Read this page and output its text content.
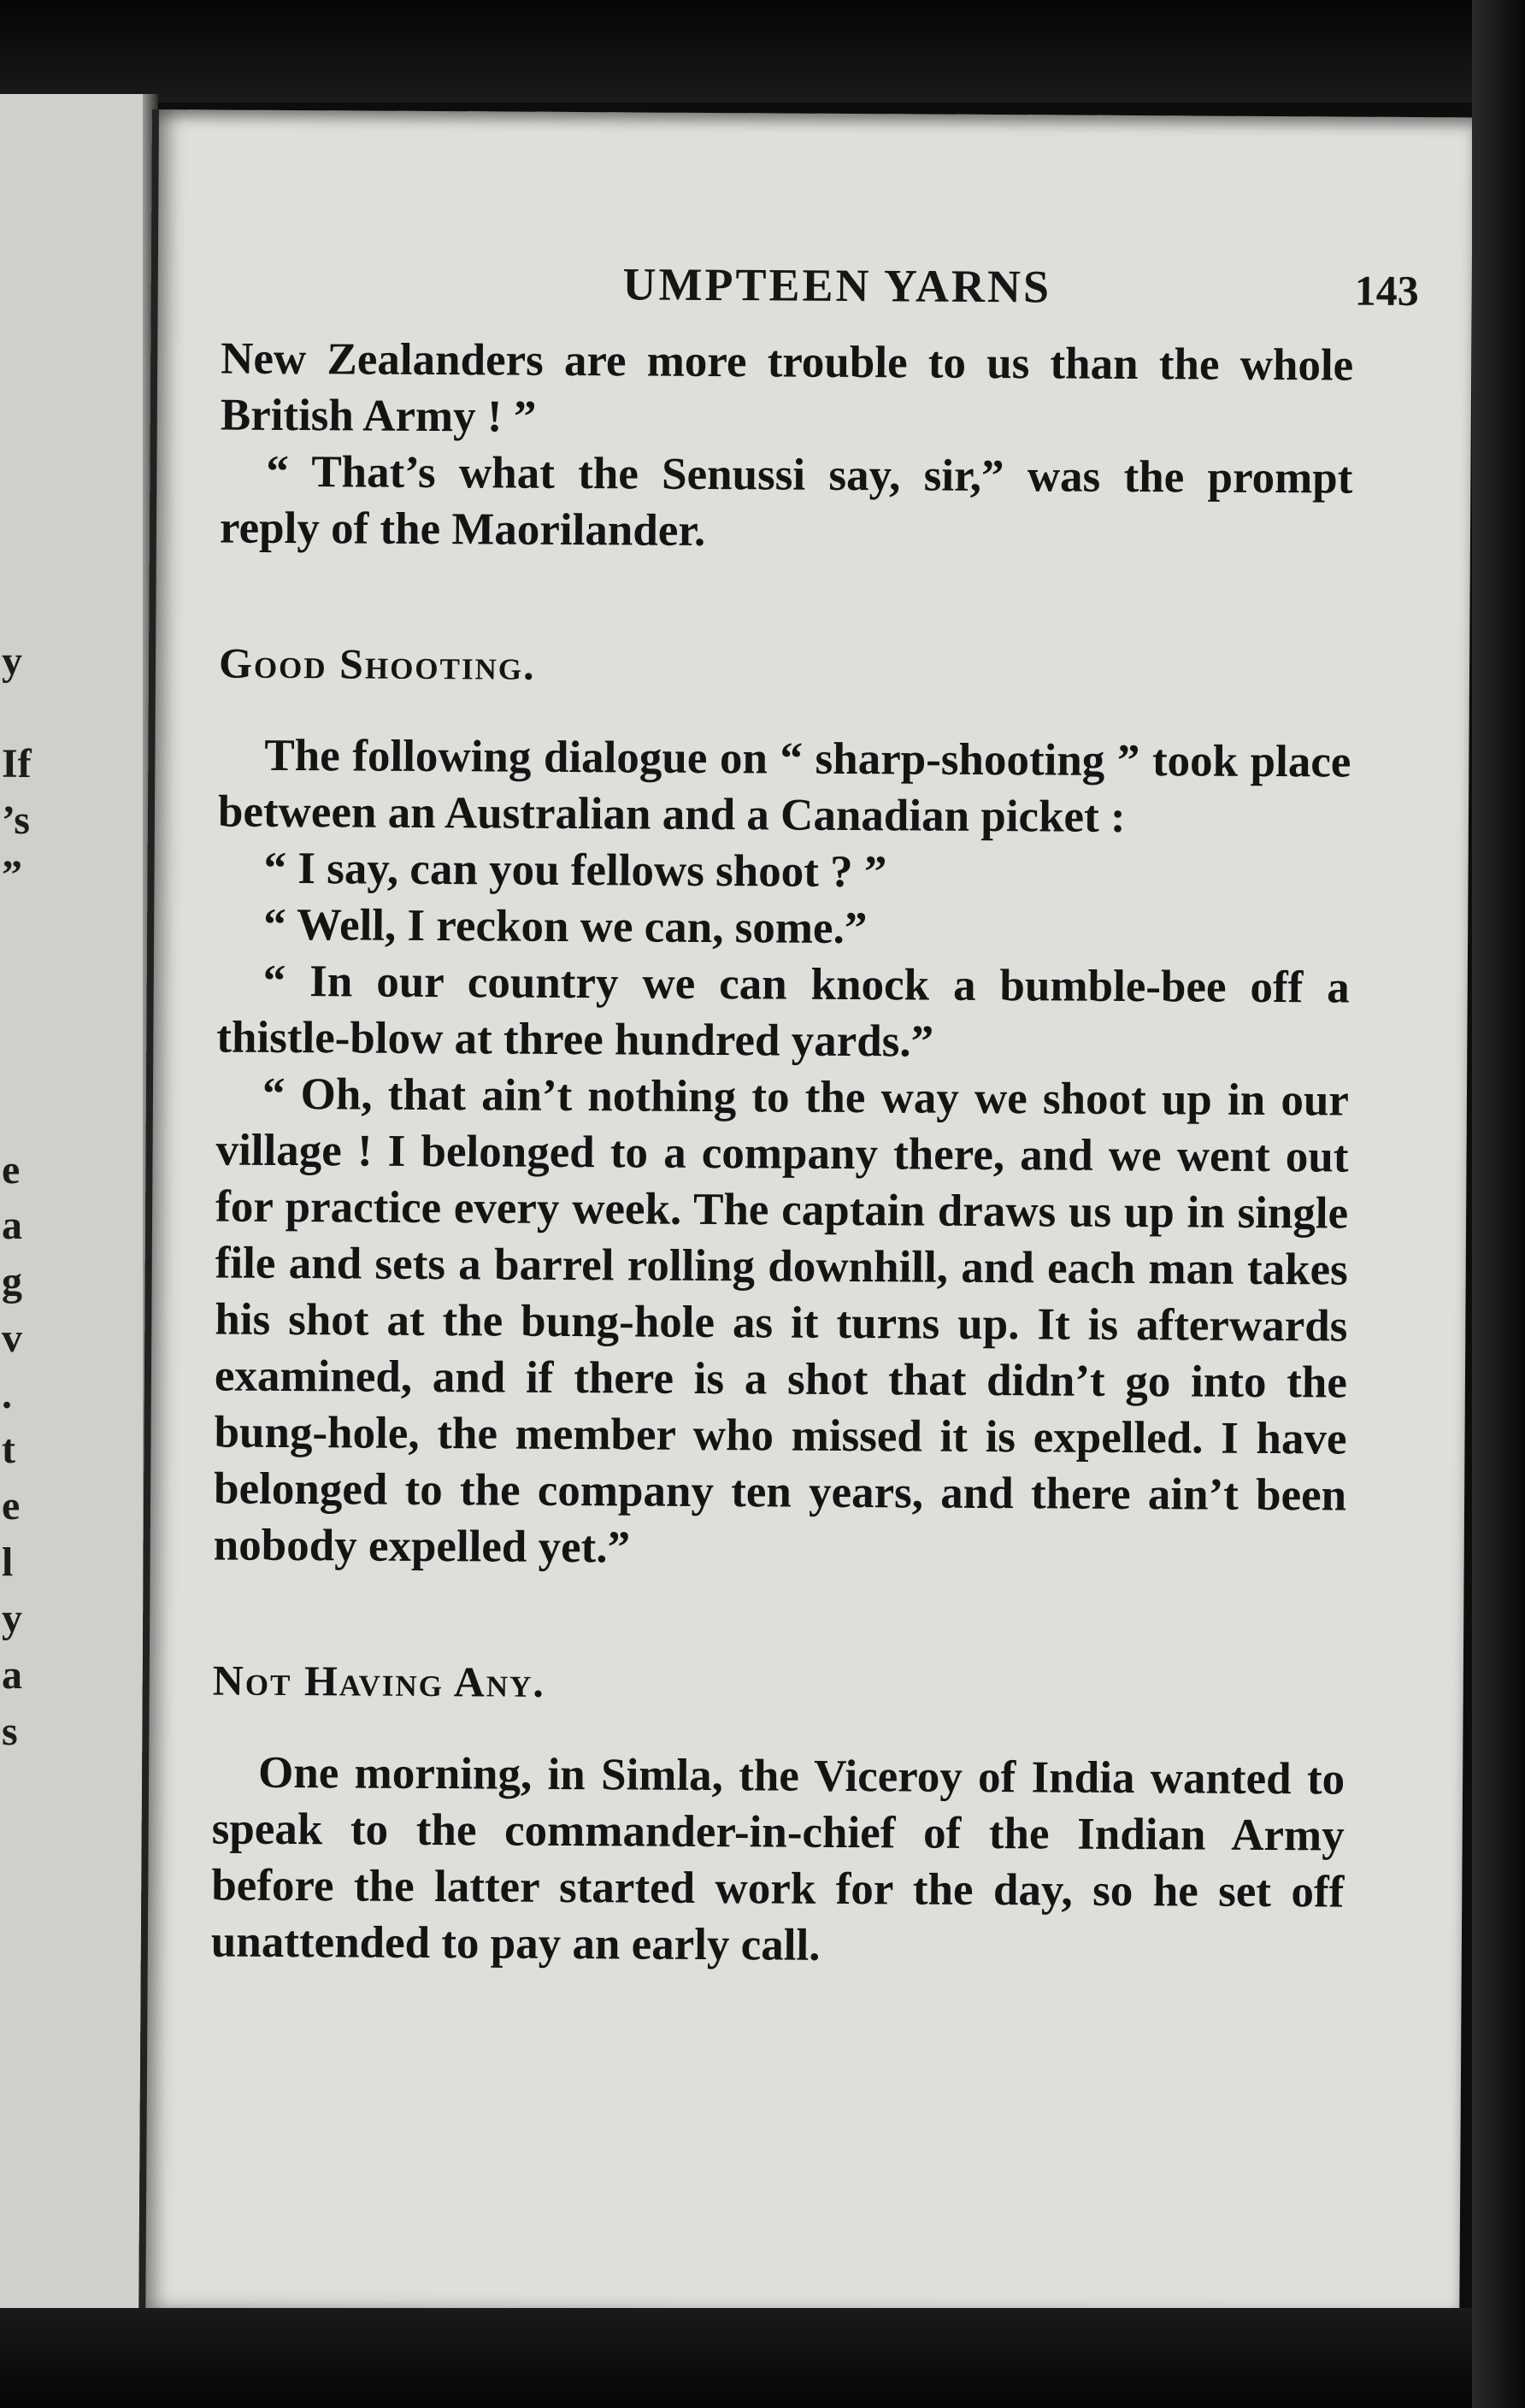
y
If
’s
”
e
a
g
v
.
t
e
l
y
a
s
UMPTEEN YARNS	143

New Zealanders are more trouble to us than the whole British Army ! ”

“ That’s what the Senussi say, sir,” was the prompt reply of the Maorilander.

Good Shooting.

The following dialogue on “ sharp-shooting ” took place between an Australian and a Canadian picket :

“ I say, can you fellows shoot ? ”

“ Well, I reckon we can, some.”

“ In our country we can knock a bumble-bee off a thistle-blow at three hundred yards.”

“ Oh, that ain’t nothing to the way we shoot up in our village ! I belonged to a company there, and we went out for practice every week. The captain draws us up in single file and sets a barrel rolling downhill, and each man takes his shot at the bung-hole as it turns up. It is afterwards examined, and if there is a shot that didn’t go into the bung-hole, the member who missed it is expelled. I have belonged to the company ten years, and there ain’t been nobody expelled yet.”

Not Having Any.

One morning, in Simla, the Viceroy of India wanted to speak to the commander-in-chief of the Indian Army before the latter started work for the day, so he set off unattended to pay an early call.
